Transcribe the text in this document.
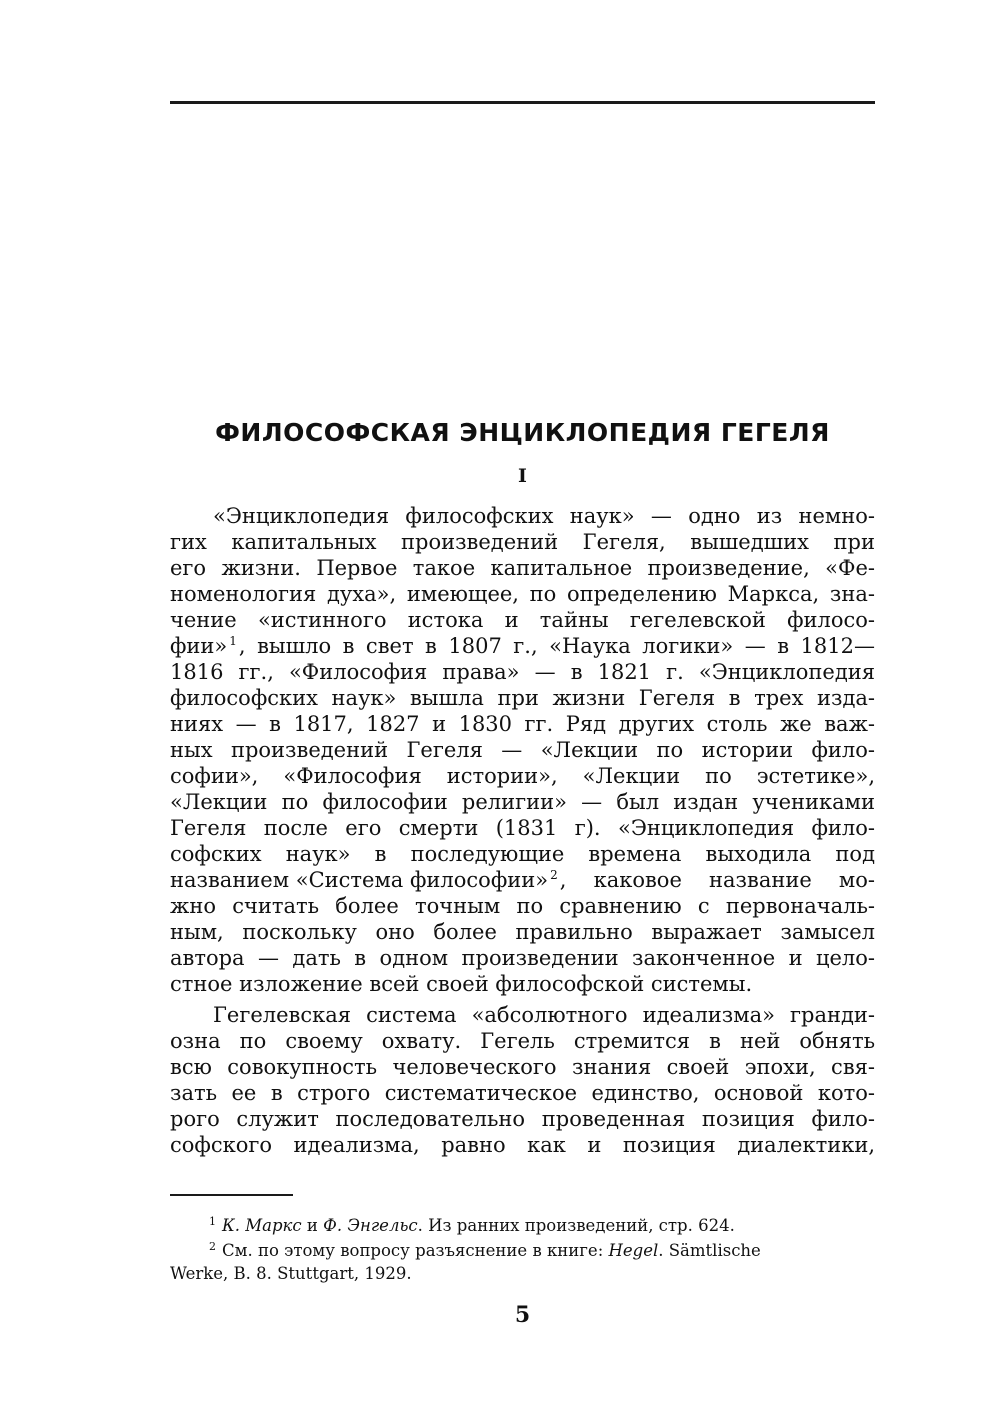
ФИЛОСОФСКАЯ ЭНЦИКЛОПЕДИЯ ГЕГЕЛЯ
I
«Энциклопедия философских наук» — одно из немно-
гих капитальных произведений Гегеля, вышедших при
его жизни. Первое такое капитальное произведение, «Фе-
номенология духа», имеющее, по определению Маркса, зна-
чение «истинного истока и тайны гегелевской филосо-
фии»$^1$ , вышло в свет в 1807 г., «Наука логики» — в 1812—
1816 гг., «Философия права» — в 1821 г. «Энциклопедия
философских наук» вышла при жизни Гегеля в трех изда-
ниях — в 1817, 1827 и 1830 гг. Ряд других столь же важ-
ных произведений Гегеля — «Лекции по истории фило-
софии», «Философия истории», «Лекции по эстетике»,
«Лекции по философии религии» — был издан учениками
Гегеля после его смерти (1831 г). «Энциклопедия фило-
софских наук» в последующие времена выходила под
названием «Система философии»$^2$ , каковое название мо-
жно считать более точным по сравнению с первоначаль-
ным, поскольку оно более правильно выражает замысел
автора — дать в одном произведении законченное и цело-
стное изложение всей своей философской системы.
Гегелевская система «абсолютного идеализма» гранди-
озна по своему охвату. Гегель стремится в ней обнять
всю совокупность человеческого знания своей эпохи, свя-
зать ее в строго систематическое единство, основой кото-
рого служит последовательно проведенная позиция фило-
софского идеализма, равно как и позиция диалектики,
$^1$ К. Маркс и Ф. Энгельс. Из ранних произведений, стр. 624.
2 См. по этому вопросу разъяснение в книге: Hegel. Sämtlische
Werke, B. 8. Stuttgart, 1929.
5
